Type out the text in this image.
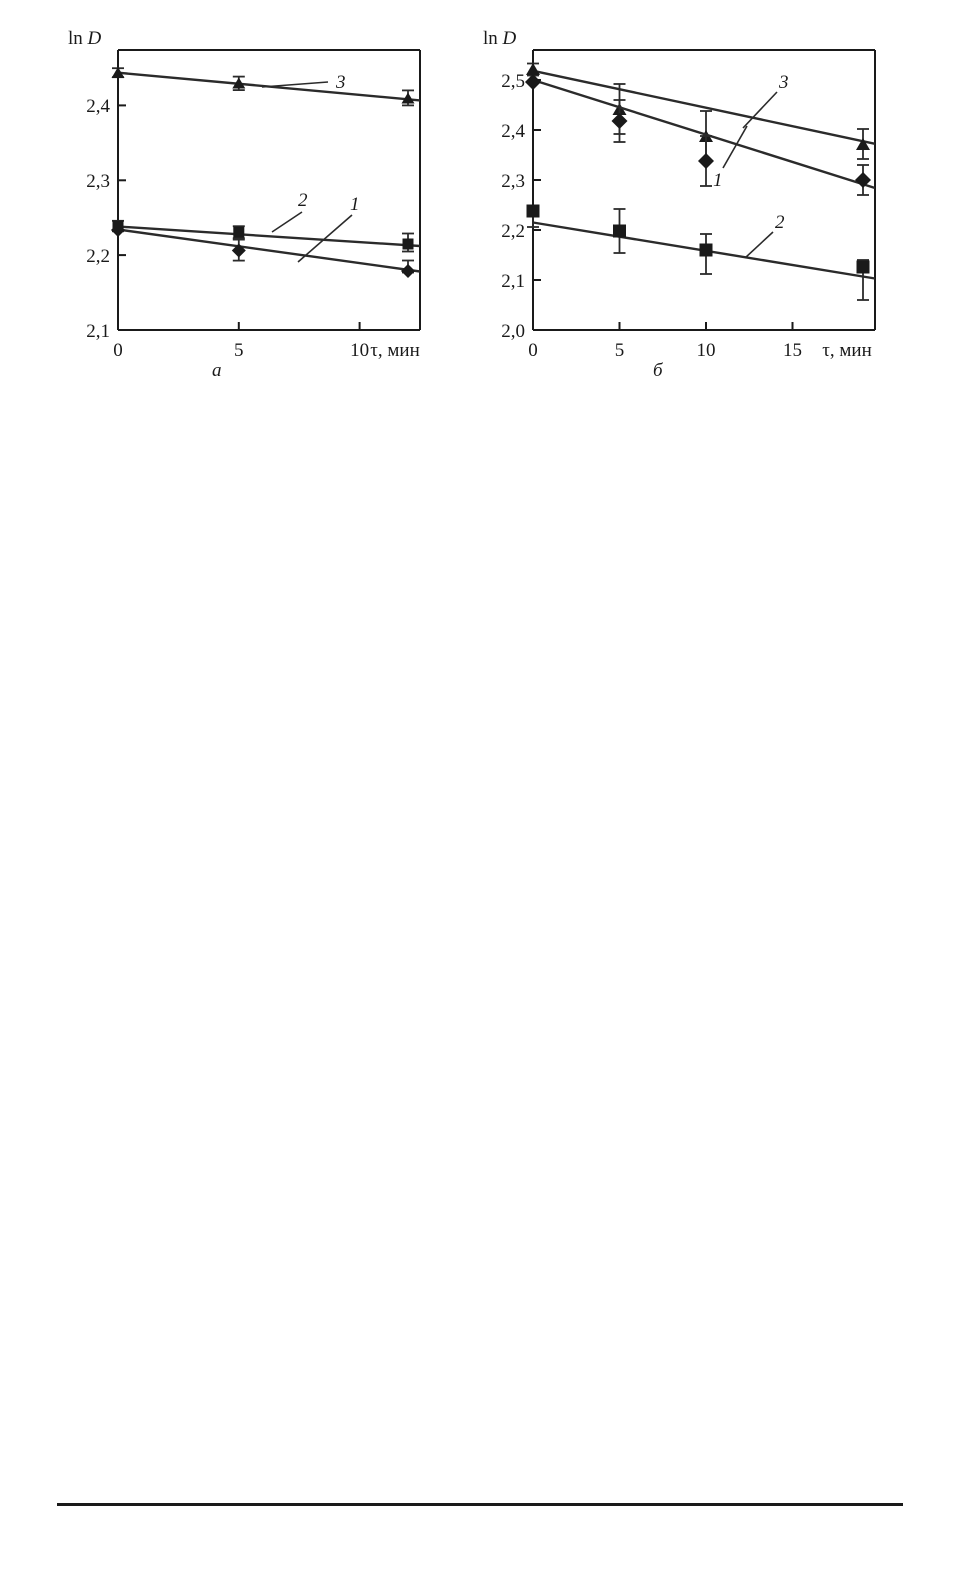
2,1
2,2
2,3
2,4
0	5	10 τ, мин
3
2 1
ln D
а
2,0
2,1
2,2
2,3
2,4
2,5
0	5	10	15 τ, мин
3
1
2
ln D
б
